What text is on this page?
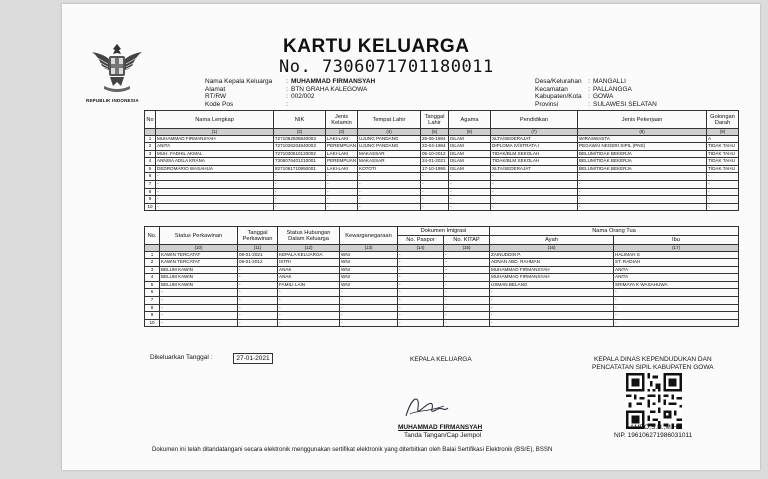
REPUBLIK INDONESIA
KARTU KELUARGA
No. 7306071701180011
Nama Kepala Keluarga	: MUHAMMAD FIRMANSYAH
Alamat	: BTN GRAHA KALEGOWA
RT/RW	: 002/002
Kode Pos	:
Desa/Kelurahan : MANGALLI
Kecamatan	: PALLANGGA
Kabupaten/Kota : GOWA
Provinsi	: SULAWESI SELATAN
No	Nama Lengkap	NIK	Jenis Kelamin	Tempat Lahir	Tanggal Lahir	Agama	Pendidikan	Jenis Pekerjaan	Golongan Darah
	(1)	(2)	(3)	(4)	(5)	(6)	(7)	(8)	(9)
1	MUHAMMAD FIRMANSYAH	7271062506840003	LAKI-LAKI	UJUNG PANDANG	25-06-1984	ISLAM	SLTA/SEDERAJAT	WIRASWASTA	A
2	ANITA	7271026204840003	PEREMPUAN	UJUNG PANDANG	22-04-1984	ISLAM	DIPLOMA IV/STRATA I	PEGAWAI NEGERI SIPIL (PNS)	TIDAK TAHU
3	MUH. FADHIL AKMAL	7271030510120002	LAKI-LAKI	MAKASSAR	05-10-2012	ISLAM	TIDAK/BLM SEKOLAH	BELUM/TIDAK BEKERJA	TIDAK TAHU
4	ANNISA ADILA KRANA	7306076401210001	PEREMPUAN	MAKASSAR	24-01-2021	ISLAM	TIDAK/BLM SEKOLAH	BELUM/TIDAK BEKERJA	TIDAK TAHU
5	DEDROMARIO WASAHUA	8271061710950001	LAKI-LAKI	KOTOTI	17-10-1995	ISLAM	SLTA/SEDERAJAT	BELUM/TIDAK BEKERJA	TIDAK TAHU
6	-	-	-	-	-	-	-	-	-
7	-	-	-	-	-	-	-	-	-
8	-	-	-	-	-	-	-	-	-
9	-	-	-	-	-	-	-	-	-
10	-	-	-	-	-	-	-	-	-
No.	Status Perkawinan	Tanggal Perkawinan	Status Hubungan Dalam Keluarga	Kewarganegaraan	Dokumen Imigrasi		Nama Orang Tua	
					No. Paspor	No. KITAP	Ayah	Ibu
	(10)	(11)	(12)	(13)	(14)	(15)	(16)	(17)
1	KAWIN TERCATAT	08-01-2021	KEPALA KELUARGA	WNI	-	-	ZAINUDDIN P.	HALIMAH S
2	KAWIN TERCATAT	08-01-2012	ISTRI	WNI	-	-	ADNAN ABD. RAHMAN	ST. RADIAH
3	BELUM KAWIN	-	ANAK	WNI	-	-	MUHAMMAD FIRMANSYAH	ANITA
4	BELUM KAWIN	-	ANAK	WNI	-	-	MUHAMMAD FIRMANSYAH	ANITA
5	BELUM KAWIN	-	FAMILI LAIN	WNI	-	-	USMAN BELANG	SRIMAYA K WASAHUWA
6	-	-	-	-	-	-	-	-
7	-	-	-	-	-	-	-	-
8	-	-	-	-	-	-	-	-
9	-	-	-	-	-	-	-	-
10	-	-	-	-	-	-	-	-
Dikeluarkan Tanggal :	27-01-2021	KEPALA KELUARGA
MUHAMMAD FIRMANSYAH
Tanda Tangan/Cap Jempol
KEPALA DINAS KEPENDUDUKAN DAN
PENCATATAN SIPIL KABUPATEN GOWA
AMBO,S.H.,M.H.
NIP. 196106271986031011
Dokumen ini telah ditandatangani secara elektronik menggunakan sertifikat elektronik yang diterbitkan oleh Balai Sertifikasi Elektronik (BSrE), BSSN
